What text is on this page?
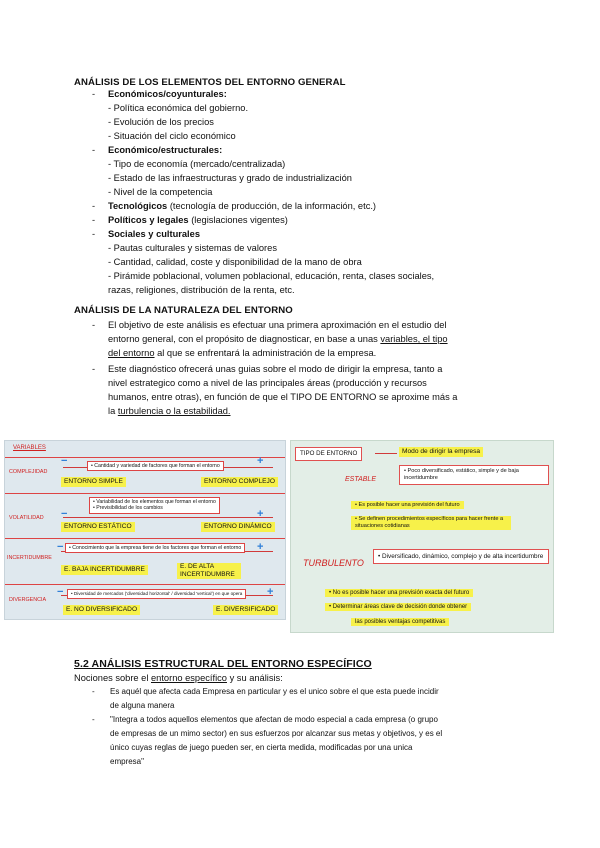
ANÁLISIS DE LOS ELEMENTOS DEL ENTORNO GENERAL
- Económicos/coyunturales:
- Política económica del gobierno.
- Evolución de los precios
- Situación del ciclo económico
- Económico/estructurales:
- Tipo de economía (mercado/centralizada)
- Estado de las infraestructuras y grado de industrialización
- Nivel de la competencia
- Tecnológicos (tecnología de producción, de la información, etc.)
- Políticos y legales (legislaciones vigentes)
- Sociales y culturales
- Pautas culturales y sistemas de valores
- Cantidad, calidad, coste y disponibilidad de la mano de obra
- Pirámide poblacional, volumen poblacional, educación, renta, clases sociales,
razas, religiones, distribución de la renta, etc.
ANÁLISIS DE LA NATURALEZA DEL ENTORNO
- El objetivo de este análisis es efectuar una primera aproximación en el estudio del
entorno general, con el propósito de diagnosticar, en base a unas variables, el tipo
del entorno al que se enfrentará la administración de la empresa.
- Este diagnóstico ofrecerá unas guias sobre el modo de dirigir la empresa, tanto a
nivel estrategico como a nivel de las principales áreas (producción y recursos
humanos, entre otras), en función de que el TIPO DE ENTORNO se aproxime más a
la turbulencia o la estabilidad.
VARIABLES
COMPLEJIDAD
−	+
• Cantidad y variedad de factores que forman el entorno
ENTORNO SIMPLE	ENTORNO COMPLEJO
VOLATILIDAD
• Variabilidad de los elementos que forman el entorno
• Previsibilidad de los cambios
−	+
ENTORNO ESTÁTICO	ENTORNO DINÁMICO
INCERTIDUMBRE
−	+
• Conocimiento que la empresa tiene de los factores que forman el entorno
E. BAJA INCERTIDUMBRE	E. DE ALTA INCERTIDUMBRE
DIVERGENCIA
−	+
• Diversidad de mercados ('diversidad horizontal' / diversidad 'vertical') en que opera
E. NO DIVERSIFICADO	E. DIVERSIFICADO
TIPO DE ENTORNO	Modo de dirigir la empresa
ESTABLE
• Poco diversificado, estático, simple y de baja incertidumbre
• Es posible hacer una previsión del futuro
• Se definen procedimientos específicos para hacer frente a situaciones cotidianas
TURBULENTO
• Diversificado, dinámico, complejo y de alta incertidumbre
• No es posible hacer una previsión exacta del futuro
• Determinar áreas clave de decisión donde obtener
las posibles ventajas competitivas
5.2 ANÁLISIS ESTRUCTURAL DEL ENTORNO ESPECÍFICO
Nociones sobre el entorno específico y su análisis:
- Es aquél que afecta cada Empresa en particular y es el unico sobre el que esta puede incidir
de alguna manera
- "Integra a todos aquellos elementos que afectan de modo especial a cada empresa (o grupo
de empresas de un mimo sector) en sus esfuerzos por alcanzar sus metas y objetivos, y es el
único cuyas reglas de juego pueden ser, en cierta medida, modificadas por una unica
empresa"
